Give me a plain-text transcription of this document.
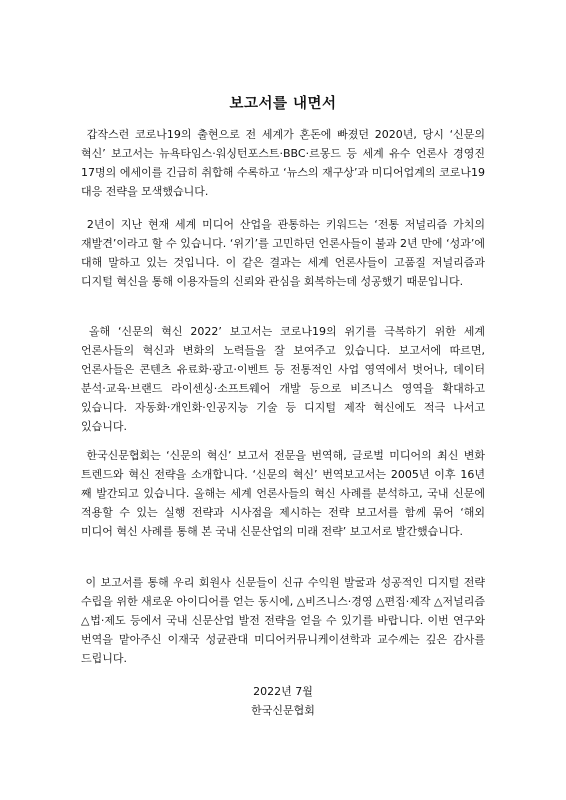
보고서를 내면서
갑작스런 코로나19의 출현으로 전 세계가 혼돈에 빠졌던 2020년, 당시 ‘신문의 혁신’ 보고서는 뉴욕타임스·워싱턴포스트·BBC·르몽드 등 세계 유수 언론사 경영진 17명의 에세이를 긴급히 취합해 수록하고 ‘뉴스의 재구상’과 미디어업계의 코로나19 대응 전략을 모색했습니다.
2년이 지난 현재 세계 미디어 산업을 관통하는 키워드는 ‘전통 저널리즘 가치의 재발견’이라고 할 수 있습니다. ‘위기’를 고민하던 언론사들이 불과 2년 만에 ‘성과’에 대해 말하고 있는 것입니다. 이 같은 결과는 세계 언론사들이 고품질 저널리즘과 디지털 혁신을 통해 이용자들의 신뢰와 관심을 회복하는데 성공했기 때문입니다.
올해 ‘신문의 혁신 2022’ 보고서는 코로나19의 위기를 극복하기 위한 세계 언론사들의 혁신과 변화의 노력들을 잘 보여주고 있습니다. 보고서에 따르면, 언론사들은 콘텐츠 유료화·광고·이벤트 등 전통적인 사업 영역에서 벗어나, 데이터 분석·교육·브랜드 라이센싱·소프트웨어 개발 등으로 비즈니스 영역을 확대하고 있습니다. 자동화·개인화·인공지능 기술 등 디지털 제작 혁신에도 적극 나서고 있습니다.
한국신문협회는 ‘신문의 혁신’ 보고서 전문을 번역해, 글로벌 미디어의 최신 변화 트렌드와 혁신 전략을 소개합니다. ‘신문의 혁신’ 번역보고서는 2005년 이후 16년 째 발간되고 있습니다. 올해는 세계 언론사들의 혁신 사례를 분석하고, 국내 신문에 적용할 수 있는 실행 전략과 시사점을 제시하는 전략 보고서를 함께 묶어 ‘해외 미디어 혁신 사례를 통해 본 국내 신문산업의 미래 전략’ 보고서로 발간했습니다.
이 보고서를 통해 우리 회원사 신문들이 신규 수익원 발굴과 성공적인 디지털 전략 수립을 위한 새로운 아이디어를 얻는 동시에, △비즈니스·경영 △편집·제작 △저널리즘 △법·제도 등에서 국내 신문산업 발전 전략을 얻을 수 있기를 바랍니다. 이번 연구와 번역을 맡아주신 이재국 성균관대 미디어커뮤니케이션학과 교수께는 깊은 감사를 드립니다.
2022년 7월
한국신문협회
